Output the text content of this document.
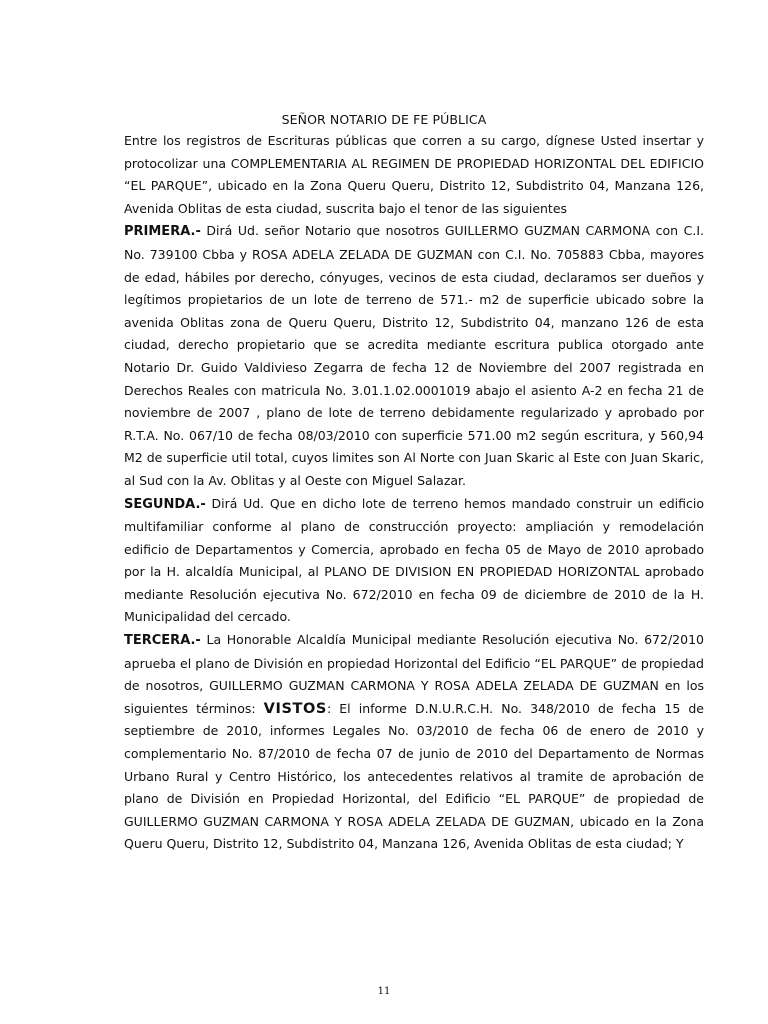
SEÑOR NOTARIO DE FE PÚBLICA

Entre los registros de Escrituras públicas que corren a su cargo, dígnese Usted insertar y protocolizar una COMPLEMENTARIA AL REGIMEN DE PROPIEDAD HORIZONTAL DEL EDIFICIO “EL PARQUE”, ubicado en la Zona Queru Queru, Distrito 12, Subdistrito 04, Manzana 126, Avenida Oblitas de esta ciudad, suscrita bajo el tenor de las siguientes

PRIMERA.- Dirá Ud. señor Notario que nosotros GUILLERMO GUZMAN CARMONA con C.I. No. 739100 Cbba y ROSA ADELA ZELADA DE GUZMAN con C.I. No. 705883 Cbba, mayores de edad, hábiles por derecho, cónyuges, vecinos de esta ciudad, declaramos ser dueños y legítimos propietarios de un lote de terreno de 571.- m2 de superficie ubicado sobre la avenida Oblitas zona de Queru Queru, Distrito 12, Subdistrito 04, manzano 126 de esta ciudad, derecho propietario que se acredita mediante escritura publica otorgado ante Notario Dr. Guido Valdivieso Zegarra de fecha 12 de Noviembre del 2007 registrada en Derechos Reales con matricula No. 3.01.1.02.0001019 abajo el asiento A-2 en fecha 21 de noviembre de 2007 , plano de lote de terreno debidamente regularizado y aprobado por R.T.A. No. 067/10 de fecha 08/03/2010 con superficie 571.00 m2 según escritura, y 560,94 M2 de superficie util total, cuyos limites son Al Norte con Juan Skaric al Este con Juan Skaric, al Sud con la Av. Oblitas y al Oeste con Miguel Salazar.

SEGUNDA.- Dirá Ud. Que en dicho lote de terreno hemos mandado construir un edificio multifamiliar conforme al plano de construcción proyecto: ampliación y remodelación edificio de Departamentos y Comercia, aprobado en fecha 05 de Mayo de 2010 aprobado por la H. alcaldía Municipal, al PLANO DE DIVISION EN PROPIEDAD HORIZONTAL aprobado mediante Resolución ejecutiva No. 672/2010 en fecha 09 de diciembre de 2010 de la H. Municipalidad del cercado.

TERCERA.- La Honorable Alcaldía Municipal mediante Resolución ejecutiva No. 672/2010 aprueba el plano de División en propiedad Horizontal del Edificio “EL PARQUE” de propiedad de nosotros, GUILLERMO GUZMAN CARMONA Y ROSA ADELA ZELADA DE GUZMAN en los siguientes términos: VISTOS: El informe D.N.U.R.C.H. No. 348/2010 de fecha 15 de septiembre de 2010, informes Legales No. 03/2010 de fecha 06 de enero de 2010 y complementario No. 87/2010 de fecha 07 de junio de 2010 del Departamento de Normas Urbano Rural y Centro Histórico, los antecedentes relativos al tramite de aprobación de plano de División en Propiedad Horizontal, del Edificio “EL PARQUE” de propiedad de GUILLERMO GUZMAN CARMONA Y ROSA ADELA ZELADA DE GUZMAN, ubicado en la Zona Queru Queru, Distrito 12, Subdistrito 04, Manzana 126, Avenida Oblitas de esta ciudad; Y

11
